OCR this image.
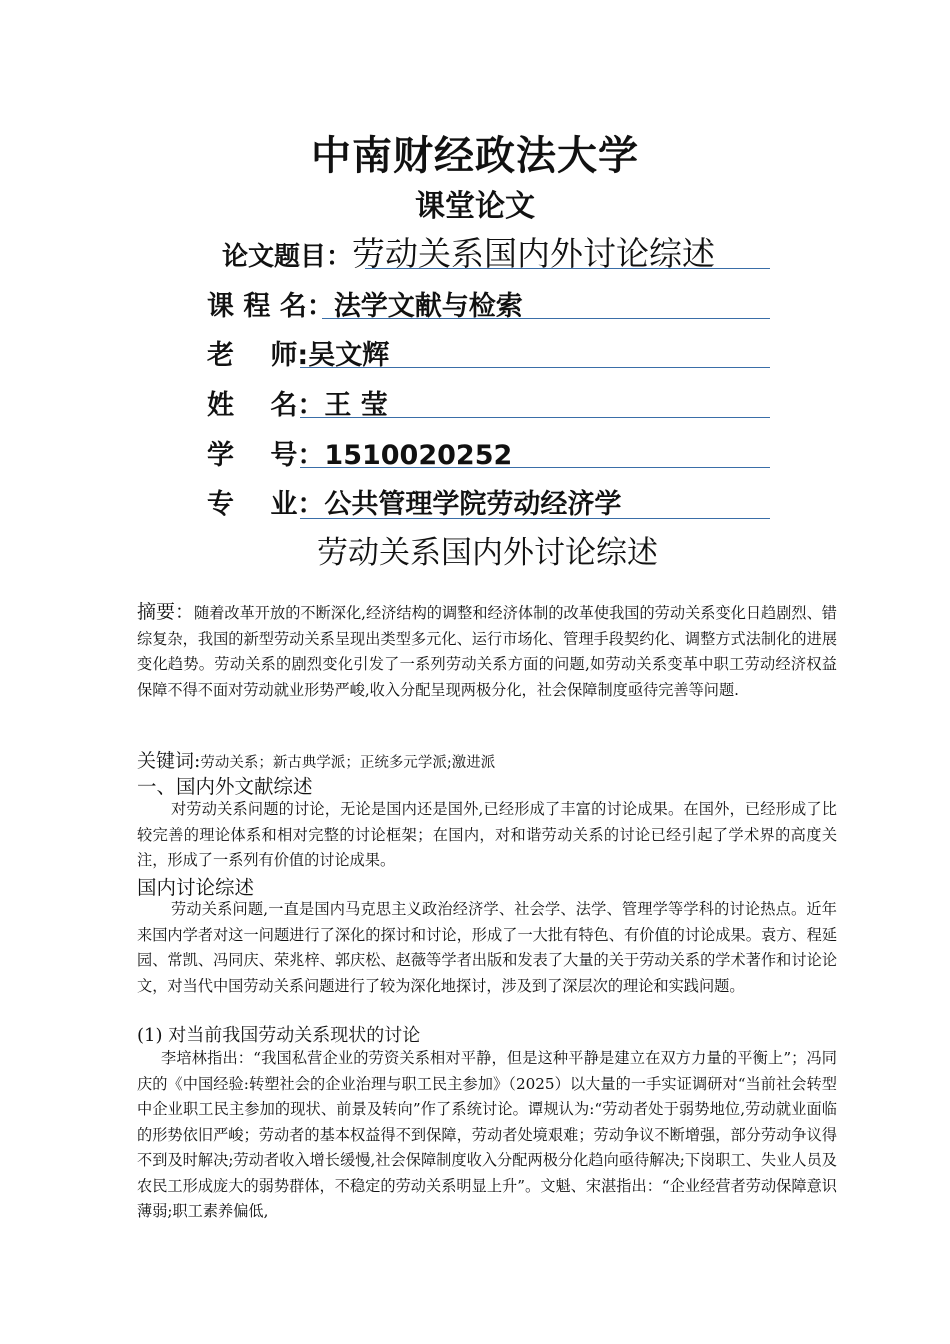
中南财经政法大学
课堂论文
论文题目：劳动关系国内外讨论综述
课 程 名：法学文献与检索
老　 师:吴文辉
姓　 名：王 莹
学　 号：1510020252
专　 业：公共管理学院劳动经济学
劳动关系国内外讨论综述
摘要：随着改革开放的不断深化,经济结构的调整和经济体制的改革使我国的劳动关系变化日趋剧烈、错综复杂，我国的新型劳动关系呈现出类型多元化、运行市场化、管理手段契约化、调整方式法制化的进展变化趋势。劳动关系的剧烈变化引发了一系列劳动关系方面的问题,如劳动关系变革中职工劳动经济权益保障不得不面对劳动就业形势严峻,收入分配呈现两极分化，社会保障制度亟待完善等问题.
关键词:劳动关系；新古典学派；正统多元学派;激进派
一、国内外文献综述
对劳动关系问题的讨论，无论是国内还是国外,已经形成了丰富的讨论成果。在国外，已经形成了比较完善的理论体系和相对完整的讨论框架；在国内，对和谐劳动关系的讨论已经引起了学术界的高度关注，形成了一系列有价值的讨论成果。
国内讨论综述
劳动关系问题,一直是国内马克思主义政治经济学、社会学、法学、管理学等学科的讨论热点。近年来国内学者对这一问题进行了深化的探讨和讨论，形成了一大批有特色、有价值的讨论成果。袁方、程延园、常凯、冯同庆、荣兆梓、郭庆松、赵薇等学者出版和发表了大量的关于劳动关系的学术著作和讨论论文，对当代中国劳动关系问题进行了较为深化地探讨，涉及到了深层次的理论和实践问题。
(1) 对当前我国劳动关系现状的讨论
李培林指出：“我国私营企业的劳资关系相对平静，但是这种平静是建立在双方力量的平衡上”；冯同庆的《中国经验:转塑社会的企业治理与职工民主参加》（2025）以大量的一手实证调研对“当前社会转型中企业职工民主参加的现状、前景及转向”作了系统讨论。谭规认为:“劳动者处于弱势地位,劳动就业面临的形势依旧严峻；劳动者的基本权益得不到保障，劳动者处境艰难；劳动争议不断增强，部分劳动争议得不到及时解决;劳动者收入增长缓慢,社会保障制度收入分配两极分化趋向亟待解决;下岗职工、失业人员及农民工形成庞大的弱势群体，不稳定的劳动关系明显上升”。文魁、宋湛指出：“企业经营者劳动保障意识薄弱;职工素养偏低,
